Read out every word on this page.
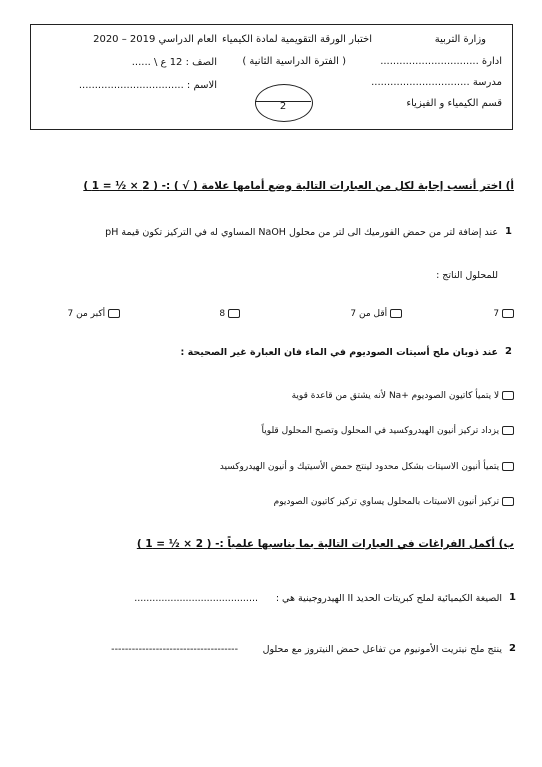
وزارة التربية
ادارة ...............................
مدرسة ...............................
قسم الكيمياء و الفيزياء
اختبار الورقة التقويمية لمادة الكيمياء
( الفترة الدراسية الثانية )
العام الدراسي 2019 – 2020
الصف : 12 ع \ ......
الاسم : .................................
2
أ) اختر أنسب إجابة لكل من العبارات التالية وضع أمامها علامة ( √ ) :- ( 2 × ½ = 1 )
1
عند إضافة لتر من حمض الفورميك الى لتر من محلول NaOH المساوي له في التركيز تكون قيمة pH
للمحلول الناتج :
7
أقل من 7
8
أكبر من 7
2
عند ذوبان ملح أسيتات الصوديوم في الماء فان العبارة غير الصحيحة :
لا يتميأ كاتيون الصوديوم +Na لأنه يشتق من قاعدة قوية
يزداد تركيز أنيون الهيدروكسيد في المحلول وتصبح المحلول قلوياً
يتميأ أنيون الاسيتات بشكل محدود لينتج حمض الأسيتيك و أنيون الهيدروكسيد
تركيز أنيون الاسيتات بالمحلول يساوي تركيز كاتيون الصوديوم
ب) أكمل الفراغات في العبارات التالية بما يناسبها علمياً :- ( 2 × ½ = 1 )
1
الصيغة الكيميائية لملح كبريتات الحديد II الهيدروجينية هي :
.........................................
2
ينتج ملح نيتريت الأمونيوم من تفاعل حمض النيتروز مع محلول
-------------------------------------
